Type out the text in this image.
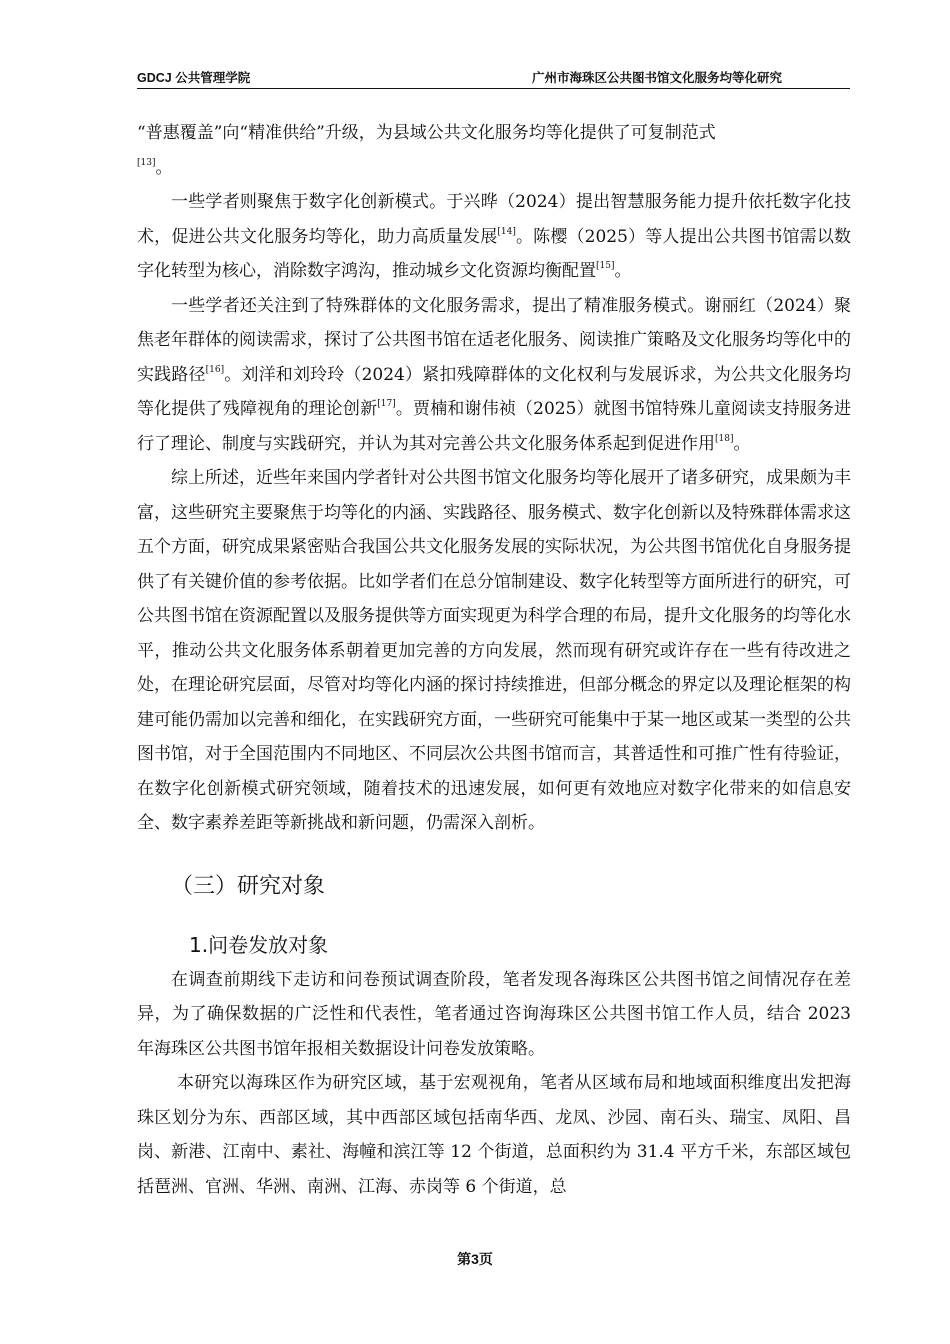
GDCJ 公共管理学院	广州市海珠区公共图书馆文化服务均等化研究

“普惠覆盖”向“精准供给”升级，为县域公共文化服务均等化提供了可复制范式
[13]。

一些学者则聚焦于数字化创新模式。于兴晔（2024）提出智慧服务能力提升依托数字化技术，促进公共文化服务均等化，助力高质量发展[14]。陈樱（2025）等人提出公共图书馆需以数字化转型为核心，消除数字鸿沟，推动城乡文化资源均衡配置[15]。

一些学者还关注到了特殊群体的文化服务需求，提出了精准服务模式。谢丽红（2024）聚焦老年群体的阅读需求，探讨了公共图书馆在适老化服务、阅读推广策略及文化服务均等化中的实践路径[16]。刘洋和刘玲玲（2024）紧扣残障群体的文化权利与发展诉求，为公共文化服务均等化提供了残障视角的理论创新[17]。贾楠和谢伟祯（2025）就图书馆特殊儿童阅读支持服务进行了理论、制度与实践研究，并认为其对完善公共文化服务体系起到促进作用[18]。

综上所述，近些年来国内学者针对公共图书馆文化服务均等化展开了诸多研究，成果颇为丰富，这些研究主要聚焦于均等化的内涵、实践路径、服务模式、数字化创新以及特殊群体需求这五个方面，研究成果紧密贴合我国公共文化服务发展的实际状况，为公共图书馆优化自身服务提供了有关键价值的参考依据。比如学者们在总分馆制建设、数字化转型等方面所进行的研究，可公共图书馆在资源配置以及服务提供等方面实现更为科学合理的布局，提升文化服务的均等化水平，推动公共文化服务体系朝着更加完善的方向发展，然而现有研究或许存在一些有待改进之处，在理论研究层面，尽管对均等化内涵的探讨持续推进，但部分概念的界定以及理论框架的构建可能仍需加以完善和细化，在实践研究方面，一些研究可能集中于某一地区或某一类型的公共图书馆，对于全国范围内不同地区、不同层次公共图书馆而言，其普适性和可推广性有待验证，在数字化创新模式研究领域，随着技术的迅速发展，如何更有效地应对数字化带来的如信息安全、数字素养差距等新挑战和新问题，仍需深入剖析。

（三）研究对象
1.问卷发放对象

在调查前期线下走访和问卷预试调查阶段，笔者发现各海珠区公共图书馆之间情况存在差异，为了确保数据的广泛性和代表性，笔者通过咨询海珠区公共图书馆工作人员，结合 2023 年海珠区公共图书馆年报相关数据设计问卷发放策略。

本研究以海珠区作为研究区域，基于宏观视角，笔者从区域布局和地域面积维度出发把海珠区划分为东、西部区域，其中西部区域包括南华西、龙凤、沙园、南石头、瑞宝、凤阳、昌岗、新港、江南中、素社、海幢和滨江等 12 个街道，总面积约为 31.4 平方千米，东部区域包括琶洲、官洲、华洲、南洲、江海、赤岗等 6 个街道，总

第3页
